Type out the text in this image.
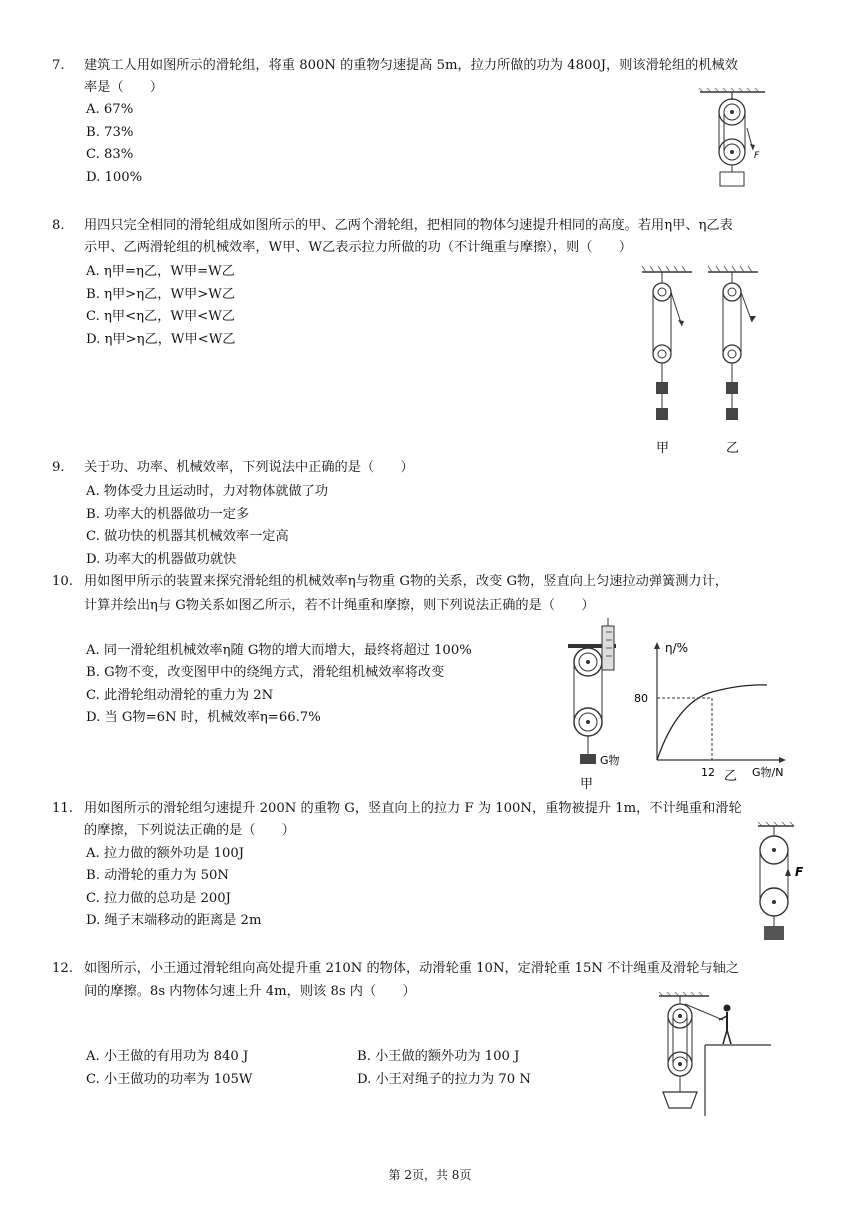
7. 建筑工人用如图所示的滑轮组，将重 800N 的重物匀速提高 5m，拉力所做的功为 4800J，则该滑轮组的机械效
率是（　　）
A. 67%
B. 73%
C. 83%
D. 100%
F
8. 用四只完全相同的滑轮组成如图所示的甲、乙两个滑轮组，把相同的物体匀速提升相同的高度。若用η甲、η乙表
示甲、乙两滑轮组的机械效率，W甲、W乙表示拉力所做的功（不计绳重与摩擦），则（　　）
A. η甲=η乙，W甲=W乙
B. η甲>η乙，W甲>W乙
C. η甲<η乙，W甲<W乙
D. η甲>η乙，W甲<W乙
甲	乙
9. 关于功、功率、机械效率，下列说法中正确的是（　　）
A. 物体受力且运动时，力对物体就做了功
B. 功率大的机器做功一定多
C. 做功快的机器其机械效率一定高
D. 功率大的机器做功就快
10. 用如图甲所示的装置来探究滑轮组的机械效率η与物重 G物的关系，改变 G物，竖直向上匀速拉动弹簧测力计，
计算并绘出η与 G物关系如图乙所示，若不计绳重和摩擦，则下列说法正确的是（　　）
A. 同一滑轮组机械效率η随 G物的增大而增大，最终将超过 100%
B. G物不变，改变图甲中的绕绳方式，滑轮组机械效率将改变
C. 此滑轮组动滑轮的重力为 2N
D. 当 G物=6N 时，机械效率η=66.7%
G物
甲
η/%
80
12 乙 G物/N
11. 用如图所示的滑轮组匀速提升 200N 的重物 G，竖直向上的拉力 F 为 100N，重物被提升 1m，不计绳重和滑轮
的摩擦，下列说法正确的是（　　）
A. 拉力做的额外功是 100J
B. 动滑轮的重力为 50N
C. 拉力做的总功是 200J
D. 绳子末端移动的距离是 2m
F
12. 如图所示，小王通过滑轮组向高处提升重 210N 的物体，动滑轮重 10N，定滑轮重 15N 不计绳重及滑轮与轴之
间的摩擦。8s 内物体匀速上升 4m，则该 8s 内（　　）
A. 小王做的有用功为 840 J	B. 小王做的额外功为 100 J
C. 小王做功的功率为 105W	D. 小王对绳子的拉力为 70 N
第 2页，共 8页
